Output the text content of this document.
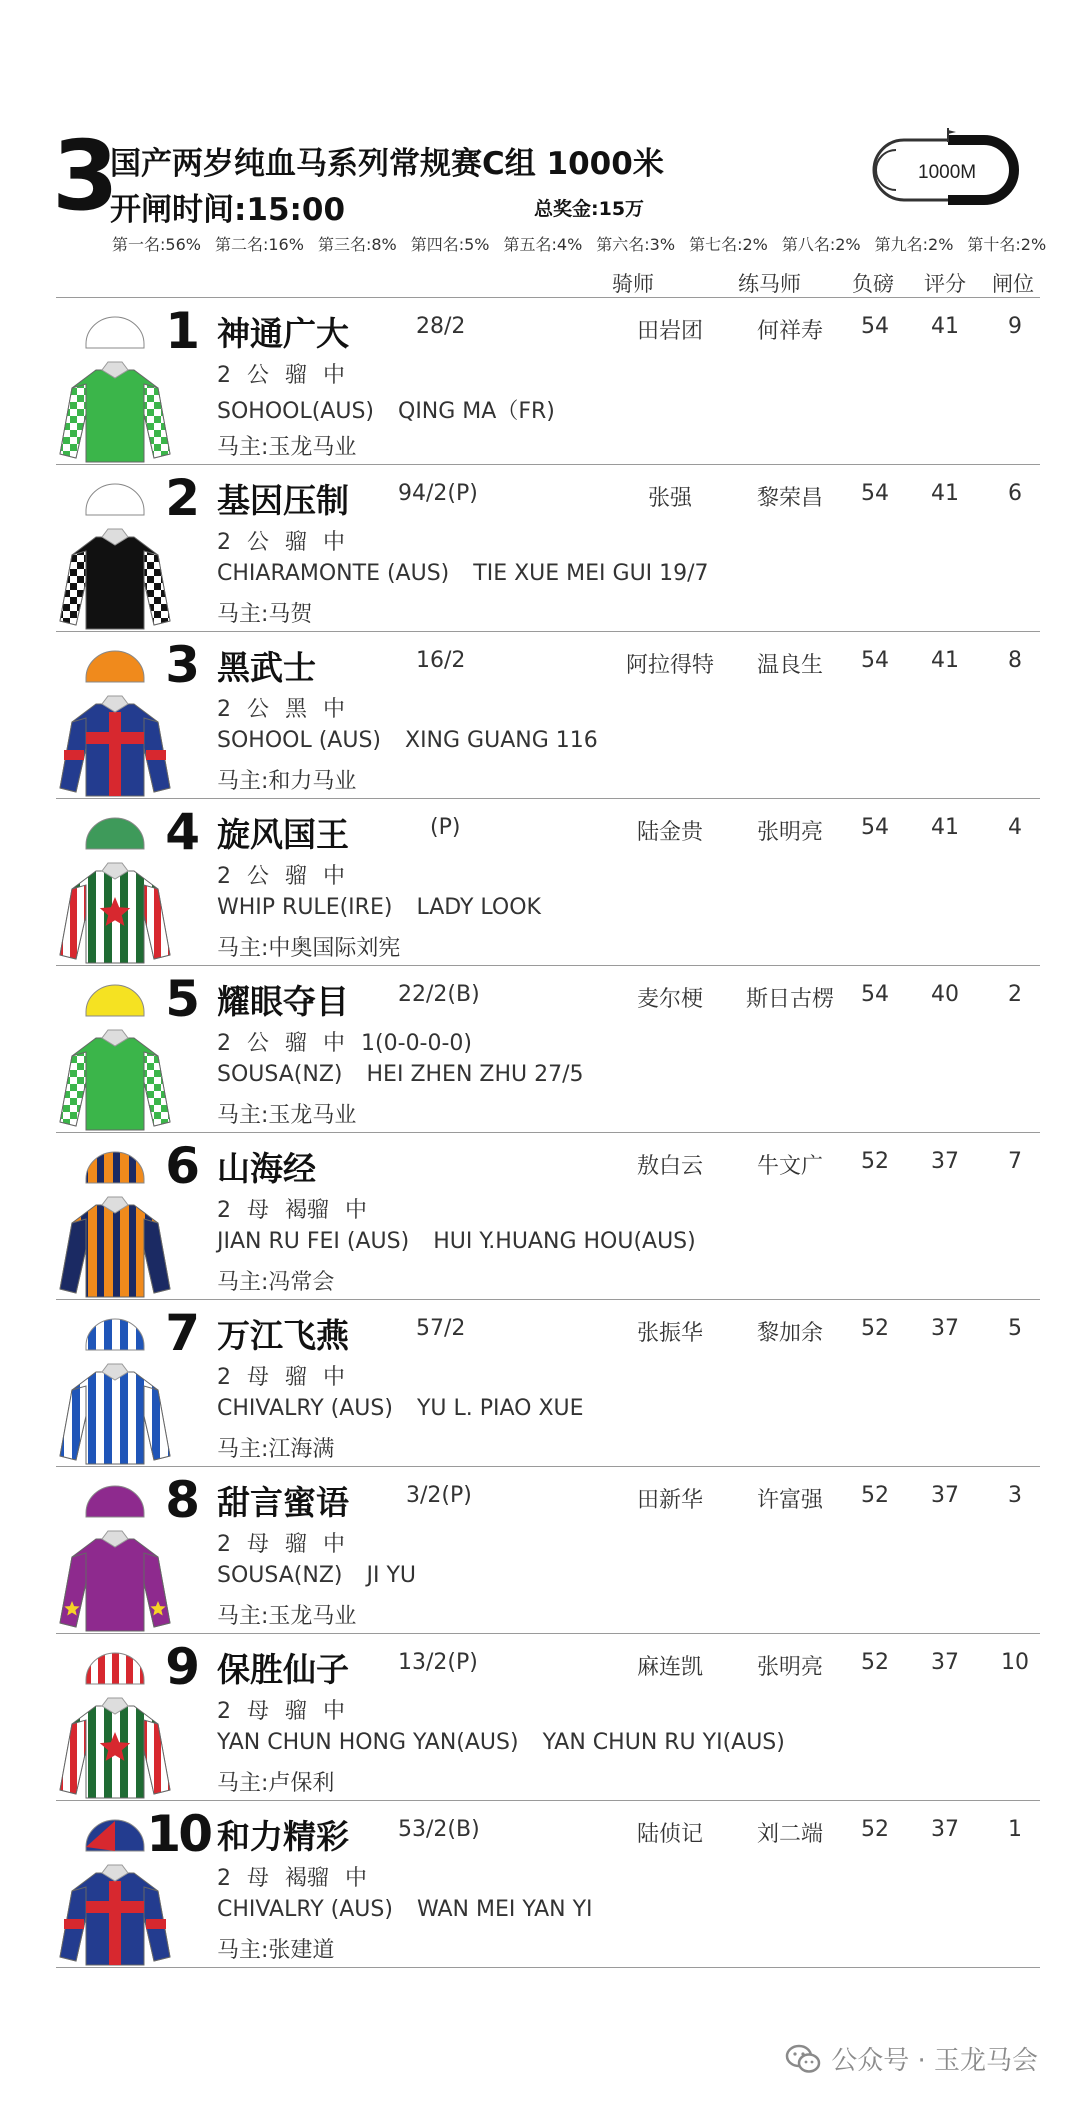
3
国产两岁纯血马系列常规赛C组 1000米
开闸时间:15:00	总奖金:15万
1000M
第一名:56% 第二名:16% 第三名:8% 第四名:5% 第五名:4% 第六名:3% 第七名:2% 第八名:2% 第九名:2% 第十名:2%
骑师	练马师 负磅 评分 闸位
1 神通广大	28/2	田岩团	何祥寿	54	41	9
2 公 骝 中
SOHOOL(AUS) QING MA（FR)
马主:玉龙马业
2 基因压制 94/2(P)	张强	黎荣昌	54	41	6
2 公 骝 中
CHIARAMONTE (AUS) TIE XUE MEI GUI 19/7
马主:马贺
3 黑武士	16/2	阿拉得特	温良生	54	41	8
2 公 黑 中
SOHOOL (AUS) XING GUANG 116
马主:和力马业
4 旋风国王	(P)	陆金贵	张明亮	54	41	4
2 公 骝 中
WHIP RULE(IRE) LADY LOOK
马主:中奥国际刘宪
5 耀眼夺目 22/2(B)	麦尔梗	斯日古楞	54	40	2
2 公 骝 中 1(0-0-0-0)
SOUSA(NZ) HEI ZHEN ZHU 27/5
马主:玉龙马业
6 山海经	敖白云	牛文广	52	37	7
2 母 褐骝 中
JIAN RU FEI (AUS) HUI Y.HUANG HOU(AUS)
马主:冯常会
7 万江飞燕	57/2	张振华	黎加余	52	37	5
2 母 骝 中
CHIVALRY (AUS) YU L. PIAO XUE
马主:江海满
8 甜言蜜语	3/2(P)	田新华	许富强	52	37	3
2 母 骝 中
SOUSA(NZ) JI YU
马主:玉龙马业
9 保胜仙子 13/2(P)	麻连凯	张明亮	52	37	10
2 母 骝 中
YAN CHUN HONG YAN(AUS) YAN CHUN RU YI(AUS)
马主:卢保利
10 和力精彩 53/2(B)	陆侦记	刘二端	52	37	1
2 母 褐骝 中
CHIVALRY (AUS) WAN MEI YAN YI
马主:张建道
公众号 · 玉龙马会
